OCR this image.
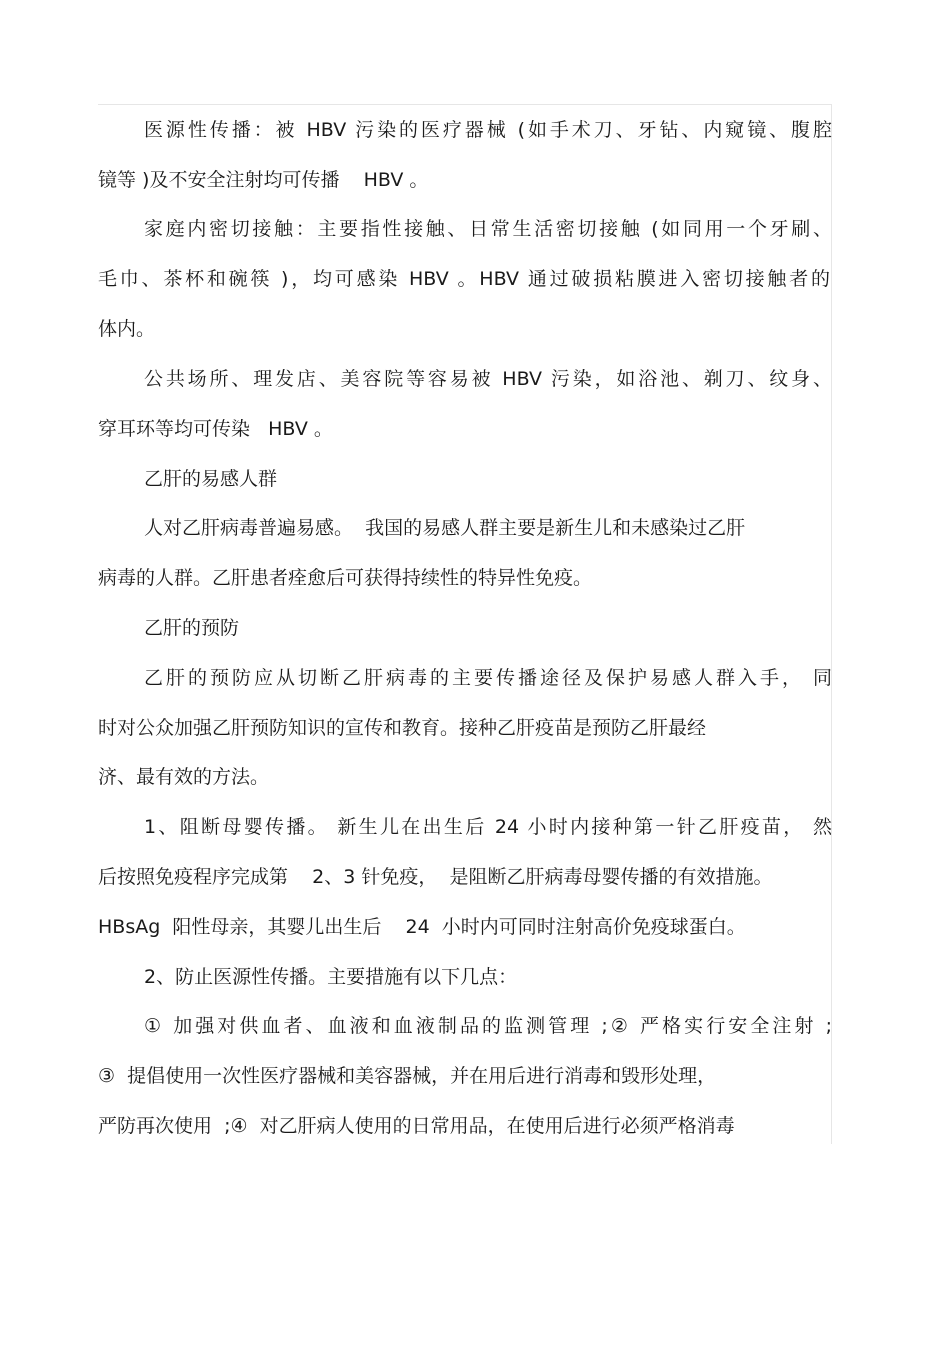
医源性传播：被 HBV 污染的医疗器械 (如手术刀、牙钻、内窥镜、腹腔

镜等 )及不安全注射均可传播    HBV 。

家庭内密切接触：主要指性接触、日常生活密切接触 (如同用一个牙刷、

毛巾、茶杯和碗筷 )，均可感染 HBV 。HBV 通过破损粘膜进入密切接触者的

体内。

公共场所、理发店、美容院等容易被 HBV 污染，如浴池、剃刀、纹身、

穿耳环等均可传染   HBV 。

乙肝的易感人群

人对乙肝病毒普遍易感。  我国的易感人群主要是新生儿和未感染过乙肝

病毒的人群。乙肝患者痊愈后可获得持续性的特异性免疫。

乙肝的预防

乙肝的预防应从切断乙肝病毒的主要传播途径及保护易感人群入手， 同

时对公众加强乙肝预防知识的宣传和教育。接种乙肝疫苗是预防乙肝最经

济、最有效的方法。

1、阻断母婴传播。 新生儿在出生后 24 小时内接种第一针乙肝疫苗， 然

后按照免疫程序完成第    2、3 针免疫，  是阻断乙肝病毒母婴传播的有效措施。

HBsAg  阳性母亲，其婴儿出生后    24  小时内可同时注射高价免疫球蛋白。

2、防止医源性传播。主要措施有以下几点：

① 加强对供血者、血液和血液制品的监测管理 ;② 严格实行安全注射 ;

③  提倡使用一次性医疗器械和美容器械，并在用后进行消毒和毁形处理，

严防再次使用  ;④  对乙肝病人使用的日常用品，在使用后进行必须严格消毒
